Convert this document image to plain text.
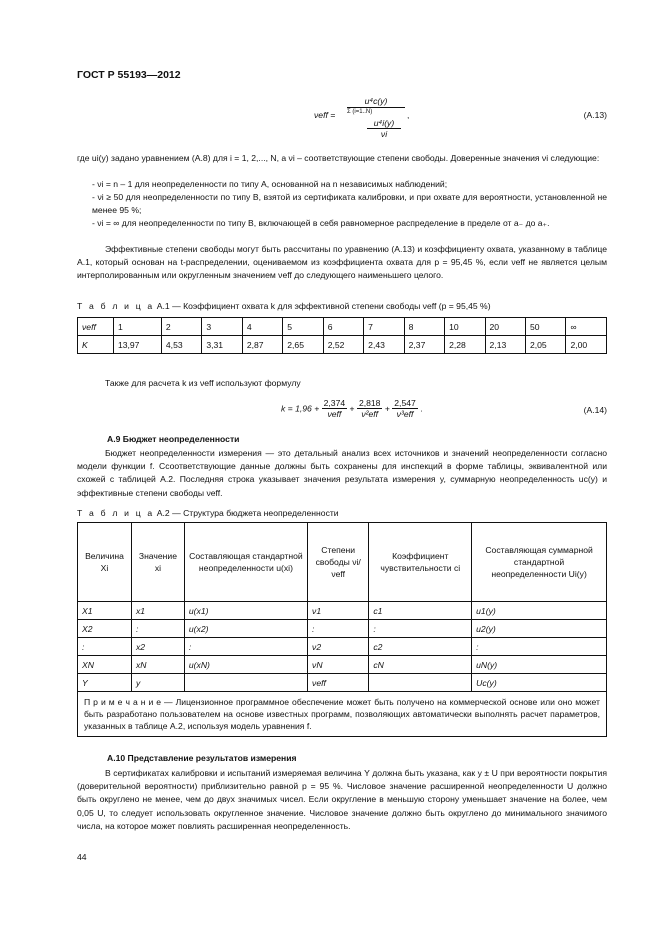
ГОСТ Р 55193—2012
νeff =
u⁴c(y)
Σ (i=1..N)
$\frac{\text{u⁴i(y)}}{\nu i}$
,	(А.13)
где ui(y) задано уравнением (А.8) для i = 1, 2,..., N, а νi – соответствующие степени свободы. Доверенные значения νi следующие:
- νi = n – 1 для неопределенности по типу А, основанной на n независимых наблюдений;
- νi ≥ 50 для неопределенности по типу В, взятой из сертификата калибровки, и при охвате для вероятности, установленной не менее 95 %;
- νi = ∞ для неопределенности по типу В, включающей в себя равномерное распределение в пределе от a₋ до a₊.
Эффективные степени свободы могут быть рассчитаны по уравнению (А.13) и коэффициенту охвата, указанному в таблице А.1, который основан на t-распределении, оцениваемом из коэффициента охвата для p = 95,45 %, если νeff не является целым интерполированным или округленным значением νeff до следующего наименьшего целого.
Т а б л и ц а А.1 — Коэффициент охвата k для эффективной степени свободы νeff (p = 95,45 %)
νeff	1	2	3	4	5	6	7	8	10	20	50	∞
K	13,97	4,53	3,31	2,87	2,65	2,52	2,43	2,37	2,28	2,13	2,05	2,00
Также для расчета k из νeff используют формулу
$k = 1,96 + \frac{2,374}{\text{νeff}} + \frac{2,818}{\text{ν²eff}} + \frac{2,547}{\text{ν³eff}}$ .	(А.14)
А.9 Бюджет неопределенности
Бюджет неопределенности измерения — это детальный анализ всех источников и значений неопределенности согласно модели функции f. Ссоответствующие данные должны быть сохранены для инспекций в форме таблицы, эквивалентной или схожей с таблицей А.2. Последняя строка указывает значения результата измерения y, суммарную неопределенность uc(y) и эффективные степени свободы νeff.
Т а б л и ц а А.2 — Структура бюджета неопределенности
Величина Xi	Значение xi	Составляющая стандартной неопределенности u(xi)	Степени свободы νi/νeff	Коэффициент чувствительности ci	Составляющая суммарной стандартной неопределенности Ui(y)
X1	x1	u(x1)	ν1	c1	u1(y)
X2	:	u(x2)	:	:	u2(y)
:	x2	:	ν2	c2	:
XN	xN	u(xN)	νN	cN	uN(y)
Y	y		νeff		Uc(y)
П р и м е ч а н и е — Лицензионное программное обеспечение может быть получено на коммерческой основе или оно может быть разработано пользователем на основе известных программ, позволяющих автоматически выполнять расчет параметров, указанных в таблице А.2, используя модель уравнения f.					
А.10 Представление результатов измерения
В сертификатах калибровки и испытаний измеряемая величина Y должна быть указана, как y ± U при вероятности покрытия (доверительной вероятности) приблизительно равной p = 95 %. Числовое значение расширенной неопределенности U должно быть округлено не менее, чем до двух значимых чисел. Если округление в меньшую сторону уменьшает значение на более, чем 0,05 U, то следует использовать округленное значение. Числовое значение должно быть округлено до минимального значимого числа, на которое может повлиять расширенная неопределенность.
44
